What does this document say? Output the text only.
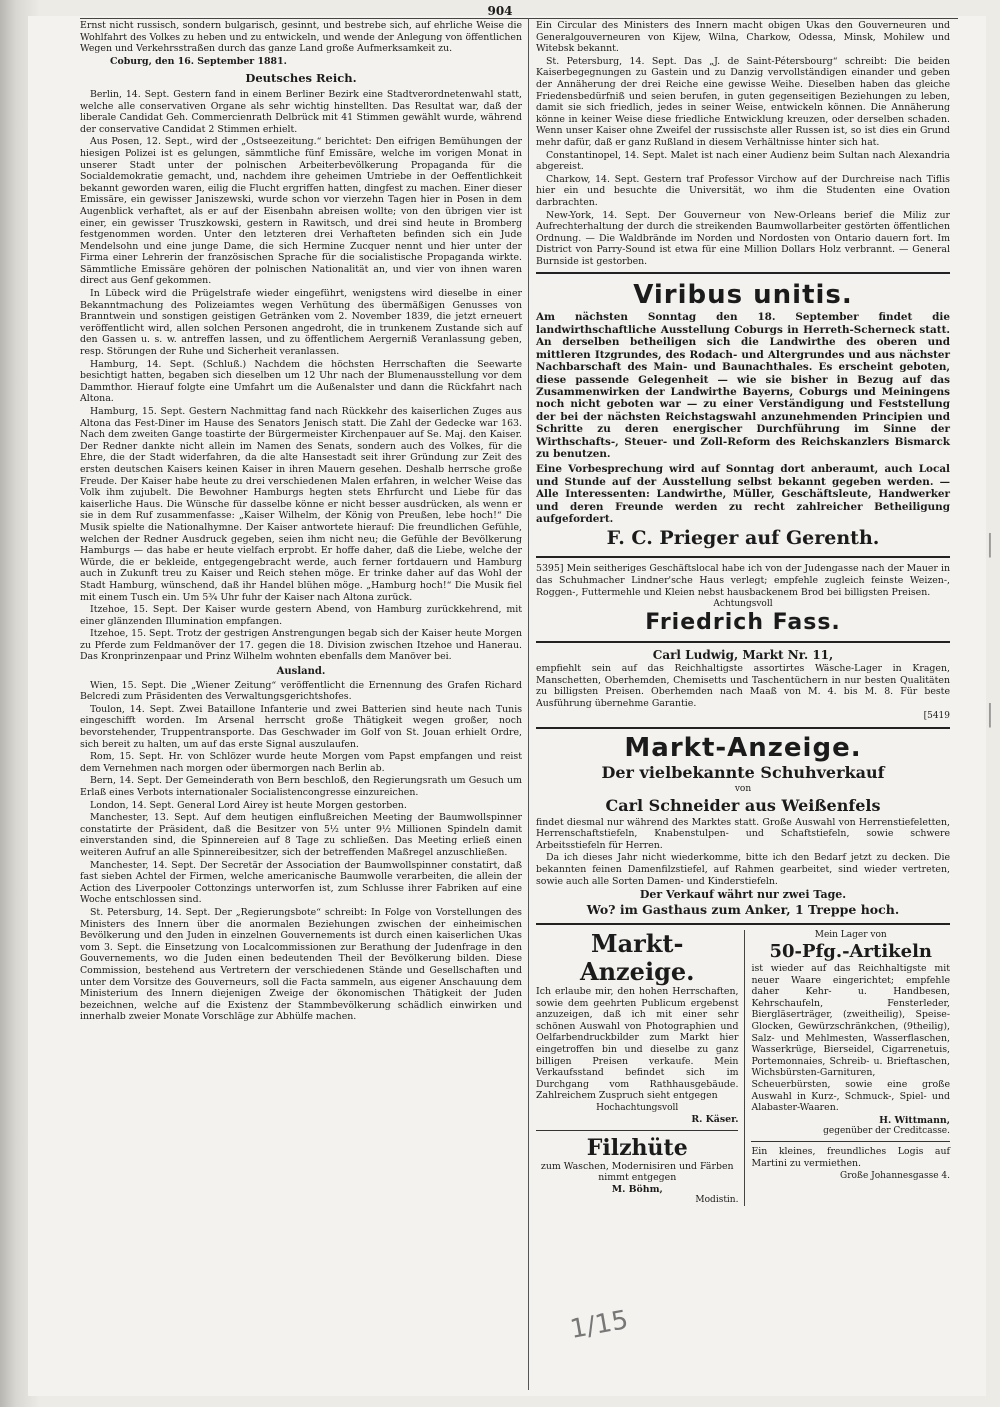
904

Ernst nicht russisch, sondern bulgarisch, gesinnt, und bestrebe sich, auf ehrliche Weise die Wohlfahrt des Volkes zu heben und zu entwickeln, und wende der Anlegung von öffentlichen Wegen und Verkehrsstraßen durch das ganze Land große Aufmerksamkeit zu.

Coburg, den 16. September 1881.

Deutsches Reich.

Berlin, 14. Sept. Gestern fand in einem Berliner Bezirk eine Stadtverordnetenwahl statt, welche alle conservativen Organe als sehr wichtig hinstellten. Das Resultat war, daß der liberale Candidat Geh. Commercienrath Delbrück mit 41 Stimmen gewählt wurde, während der conservative Candidat 2 Stimmen erhielt.

Aus Posen, 12. Sept., wird der „Ostseezeitung.“ berichtet: Den eifrigen Bemühungen der hiesigen Polizei ist es gelungen, sämmtliche fünf Emissäre, welche im vorigen Monat in unserer Stadt unter der polnischen Arbeiterbevölkerung Propaganda für die Socialdemokratie gemacht, und, nachdem ihre geheimen Umtriebe in der Oeffentlichkeit bekannt geworden waren, eilig die Flucht ergriffen hatten, dingfest zu machen. Einer dieser Emissäre, ein gewisser Janiszewski, wurde schon vor vierzehn Tagen hier in Posen in dem Augenblick verhaftet, als er auf der Eisenbahn abreisen wollte; von den übrigen vier ist einer, ein gewisser Truszkowski, gestern in Rawitsch, und drei sind heute in Bromberg festgenommen worden. Unter den letzteren drei Verhafteten befinden sich ein Jude Mendelsohn und eine junge Dame, die sich Hermine Zucquer nennt und hier unter der Firma einer Lehrerin der französischen Sprache für die socialistische Propaganda wirkte. Sämmtliche Emissäre gehören der polnischen Nationalität an, und vier von ihnen waren direct aus Genf gekommen.

In Lübeck wird die Prügelstrafe wieder eingeführt, wenigstens wird dieselbe in einer Bekanntmachung des Polizeiamtes wegen Verhütung des übermäßigen Genusses von Branntwein und sonstigen geistigen Getränken vom 2. November 1839, die jetzt erneuert veröffentlicht wird, allen solchen Personen angedroht, die in trunkenem Zustande sich auf den Gassen u. s. w. antreffen lassen, und zu öffentlichem Aergerniß Veranlassung geben, resp. Störungen der Ruhe und Sicherheit veranlassen.

Hamburg, 14. Sept. (Schluß.) Nachdem die höchsten Herrschaften die Seewarte besichtigt hatten, begaben sich dieselben um 12 Uhr nach der Blumenausstellung vor dem Dammthor. Hierauf folgte eine Umfahrt um die Außenalster und dann die Rückfahrt nach Altona.

Hamburg, 15. Sept. Gestern Nachmittag fand nach Rückkehr des kaiserlichen Zuges aus Altona das Fest-Diner im Hause des Senators Jenisch statt. Die Zahl der Gedecke war 163. Nach dem zweiten Gange toastirte der Bürgermeister Kirchenpauer auf Se. Maj. den Kaiser. Der Redner dankte nicht allein im Namen des Senats, sondern auch des Volkes, für die Ehre, die der Stadt widerfahren, da die alte Hansestadt seit ihrer Gründung zur Zeit des ersten deutschen Kaisers keinen Kaiser in ihren Mauern gesehen. Deshalb herrsche große Freude. Der Kaiser habe heute zu drei verschiedenen Malen erfahren, in welcher Weise das Volk ihm zujubelt. Die Bewohner Hamburgs hegten stets Ehrfurcht und Liebe für das kaiserliche Haus. Die Wünsche für dasselbe könne er nicht besser ausdrücken, als wenn er sie in dem Ruf zusammenfasse: „Kaiser Wilhelm, der König von Preußen, lebe hoch!“ Die Musik spielte die Nationalhymne. Der Kaiser antwortete hierauf: Die freundlichen Gefühle, welchen der Redner Ausdruck gegeben, seien ihm nicht neu; die Gefühle der Bevölkerung Hamburgs — das habe er heute vielfach erprobt. Er hoffe daher, daß die Liebe, welche der Würde, die er bekleide, entgegengebracht werde, auch ferner fortdauern und Hamburg auch in Zukunft treu zu Kaiser und Reich stehen möge. Er trinke daher auf das Wohl der Stadt Hamburg, wünschend, daß ihr Handel blühen möge. „Hamburg hoch!“ Die Musik fiel mit einem Tusch ein. Um 5¾ Uhr fuhr der Kaiser nach Altona zurück.

Itzehoe, 15. Sept. Der Kaiser wurde gestern Abend, von Hamburg zurückkehrend, mit einer glänzenden Illumination empfangen.

Itzehoe, 15. Sept. Trotz der gestrigen Anstrengungen begab sich der Kaiser heute Morgen zu Pferde zum Feldmanöver der 17. gegen die 18. Division zwischen Itzehoe und Hanerau. Das Kronprinzenpaar und Prinz Wilhelm wohnten ebenfalls dem Manöver bei.

Ausland.

Wien, 15. Sept. Die „Wiener Zeitung“ veröffentlicht die Ernennung des Grafen Richard Belcredi zum Präsidenten des Verwaltungsgerichtshofes.

Toulon, 14. Sept. Zwei Bataillone Infanterie und zwei Batterien sind heute nach Tunis eingeschifft worden. Im Arsenal herrscht große Thätigkeit wegen großer, noch bevorstehender, Truppentransporte. Das Geschwader im Golf von St. Jouan erhielt Ordre, sich bereit zu halten, um auf das erste Signal auszulaufen.

Rom, 15. Sept. Hr. von Schlözer wurde heute Morgen vom Papst empfangen und reist dem Vernehmen nach morgen oder übermorgen nach Berlin ab.

Bern, 14. Sept. Der Gemeinderath von Bern beschloß, den Regierungsrath um Gesuch um Erlaß eines Verbots internationaler Socialistencongresse einzureichen.

London, 14. Sept. General Lord Airey ist heute Morgen gestorben.

Manchester, 13. Sept. Auf dem heutigen einflußreichen Meeting der Baumwollspinner constatirte der Präsident, daß die Besitzer von 5½ unter 9½ Millionen Spindeln damit einverstanden sind, die Spinnereien auf 8 Tage zu schließen. Das Meeting erließ einen weiteren Aufruf an alle Spinnereibesitzer, sich der betreffenden Maßregel anzuschließen.

Manchester, 14. Sept. Der Secretär der Association der Baumwollspinner constatirt, daß fast sieben Achtel der Firmen, welche americanische Baumwolle verarbeiten, die allein der Action des Liverpooler Cottonzings unterworfen ist, zum Schlusse ihrer Fabriken auf eine Woche entschlossen sind.

St. Petersburg, 14. Sept. Der „Regierungsbote“ schreibt: In Folge von Vorstellungen des Ministers des Innern über die anormalen Beziehungen zwischen der einheimischen Bevölkerung und den Juden in einzelnen Gouvernements ist durch einen kaiserlichen Ukas vom 3. Sept. die Einsetzung von Localcommissionen zur Berathung der Judenfrage in den Gouvernements, wo die Juden einen bedeutenden Theil der Bevölkerung bilden. Diese Commission, bestehend aus Vertretern der verschiedenen Stände und Gesellschaften und unter dem Vorsitze des Gouverneurs, soll die Facta sammeln, aus eigener Anschauung dem Ministerium des Innern diejenigen Zweige der ökonomischen Thätigkeit der Juden bezeichnen, welche auf die Existenz der Stammbevölkerung schädlich einwirken und innerhalb zweier Monate Vorschläge zur Abhülfe machen.

Ein Circular des Ministers des Innern macht obigen Ukas den Gouverneuren und Generalgouverneuren von Kijew, Wilna, Charkow, Odessa, Minsk, Mohilew und Witebsk bekannt.

St. Petersburg, 14. Sept. Das „J. de Saint-Pétersbourg“ schreibt: Die beiden Kaiserbegegnungen zu Gastein und zu Danzig vervollständigen einander und geben der Annäherung der drei Reiche eine gewisse Weihe. Dieselben haben das gleiche Friedensbedürfniß und seien berufen, in guten gegenseitigen Beziehungen zu leben, damit sie sich friedlich, jedes in seiner Weise, entwickeln können. Die Annäherung könne in keiner Weise diese friedliche Entwicklung kreuzen, oder derselben schaden. Wenn unser Kaiser ohne Zweifel der russischste aller Russen ist, so ist dies ein Grund mehr dafür, daß er ganz Rußland in diesem Verhältnisse hinter sich hat.

Constantinopel, 14. Sept. Malet ist nach einer Audienz beim Sultan nach Alexandria abgereist.

Charkow, 14. Sept. Gestern traf Professor Virchow auf der Durchreise nach Tiflis hier ein und besuchte die Universität, wo ihm die Studenten eine Ovation darbrachten.

New-York, 14. Sept. Der Gouverneur von New-Orleans berief die Miliz zur Aufrechterhaltung der durch die streikenden Baumwollarbeiter gestörten öffentlichen Ordnung. — Die Waldbrände im Norden und Nordosten von Ontario dauern fort. Im District von Parry-Sound ist etwa für eine Million Dollars Holz verbrannt. — General Burnside ist gestorben.

Viribus unitis.
Am nächsten Sonntag den 18. September findet die landwirthschaftliche Ausstellung Coburgs in Herreth-Scherneck statt. An derselben betheiligen sich die Landwirthe des oberen und mittleren Itzgrundes, des Rodach- und Altergrundes und aus nächster Nachbarschaft des Main- und Baunachthales. Es erscheint geboten, diese passende Gelegenheit — wie sie bisher in Bezug auf das Zusammenwirken der Landwirthe Bayerns, Coburgs und Meiningens noch nicht geboten war — zu einer Verständigung und Feststellung der bei der nächsten Reichstagswahl anzunehmenden Principien und Schritte zu deren energischer Durchführung im Sinne der Wirthschafts-, Steuer- und Zoll-Reform des Reichskanzlers Bismarck zu benutzen.
Eine Vorbesprechung wird auf Sonntag dort anberaumt, auch Local und Stunde auf der Ausstellung selbst bekannt gegeben werden. — Alle Interessenten: Landwirthe, Müller, Geschäftsleute, Handwerker und deren Freunde werden zu recht zahlreicher Betheiligung aufgefordert.
F. C. Prieger auf Gerenth.

5395] Mein seitheriges Geschäftslocal habe ich von der Judengasse nach der Mauer in das Schuhmacher Lindner'sche Haus verlegt; empfehle zugleich feinste Weizen-, Roggen-, Futtermehle und Kleien nebst hausbackenem Brod bei billigsten Preisen.

Achtungsvoll
Friedrich Fass.
Carl Ludwig, Markt Nr. 11,

empfiehlt sein auf das Reichhaltigste assortirtes Wäsche-Lager in Kragen, Manschetten, Oberhemden, Chemisetts und Taschentüchern in nur besten Qualitäten zu billigsten Preisen. Oberhemden nach Maaß von M. 4. bis M. 8. Für beste Ausführung übernehme Garantie.

[5419
Markt-Anzeige.
Der vielbekannte Schuhverkauf
von
Carl Schneider aus Weißenfels

findet diesmal nur während des Marktes statt. Große Auswahl von Herrenstiefeletten, Herrenschaftstiefeln, Knabenstulpen- und Schaftstiefeln, sowie schwere Arbeitsstiefeln für Herren.

Da ich dieses Jahr nicht wiederkomme, bitte ich den Bedarf jetzt zu decken. Die bekannten feinen Damenfilzstiefel, auf Rahmen gearbeitet, sind wieder vertreten, sowie auch alle Sorten Damen- und Kinderstiefeln.

Der Verkauf währt nur zwei Tage.
Wo? im Gasthaus zum Anker, 1 Treppe hoch.
Markt-Anzeige.

Ich erlaube mir, den hohen Herrschaften, sowie dem geehrten Publicum ergebenst anzuzeigen, daß ich mit einer sehr schönen Auswahl von Photographien und Oelfarbendruckbilder zum Markt hier eingetroffen bin und dieselbe zu ganz billigen Preisen verkaufe. Mein Verkaufsstand befindet sich im Durchgang vom Rathhausgebäude. Zahlreichem Zuspruch sieht entgegen

Hochachtungsvoll
R. Käser.
Filzhüte
zum Waschen, Modernisiren und Färben nimmt entgegen
M. Böhm,
Modistin.
Mein Lager von
50-Pfg.-Artikeln

ist wieder auf das Reichhaltigste mit neuer Waare eingerichtet; empfehle daher Kehr- u. Handbesen, Kehrschaufeln, Fensterleder, Biergläserträger, (zweitheilig), Speise-Glocken, Gewürzschränkchen, (9theilig), Salz- und Mehlmesten, Wasserflaschen, Wasserkrüge, Bierseidel, Cigarrenetuis, Portemonnaies, Schreib- u. Brieftaschen, Wichsbürsten-Garnituren, Scheuerbürsten, sowie eine große Auswahl in Kurz-, Schmuck-, Spiel- und Alabaster-Waaren.

H. Wittmann,
gegenüber der Creditcasse.

Ein kleines, freundliches Logis auf Martini zu vermiethen.

Große Johannesgasse 4.
1/15
|
|
